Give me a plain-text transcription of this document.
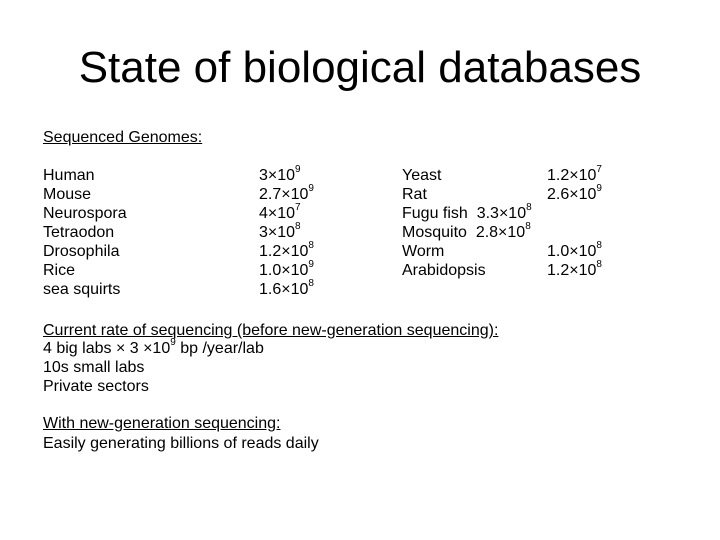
State of biological databases
Sequenced Genomes:
Human
Mouse
Neurospora
Tetraodon
Drosophila
Rice
sea squirts
$3\times 10^9$
$2.7\times 10^9$
$4\times 10^7$
$3\times 10^8$
$1.2\times 10^8$
$1.0\times 10^9$
$1.6\times 10^8$
Yeast
Rat
Fugu fish $3.3\times 10^8$
Mosquito $2.8\times 10^8$
Worm
Arabidopsis
$1.2\times 10^7$
$2.6\times 10^9$
$1.0\times 10^8$
$1.2\times 10^8$
Current rate of sequencing (before new-generation sequencing):
4 big labs × $3 \times 10^9$ bp /year/lab
10s small labs
Private sectors
With new-generation sequencing:
Easily generating billions of reads daily
